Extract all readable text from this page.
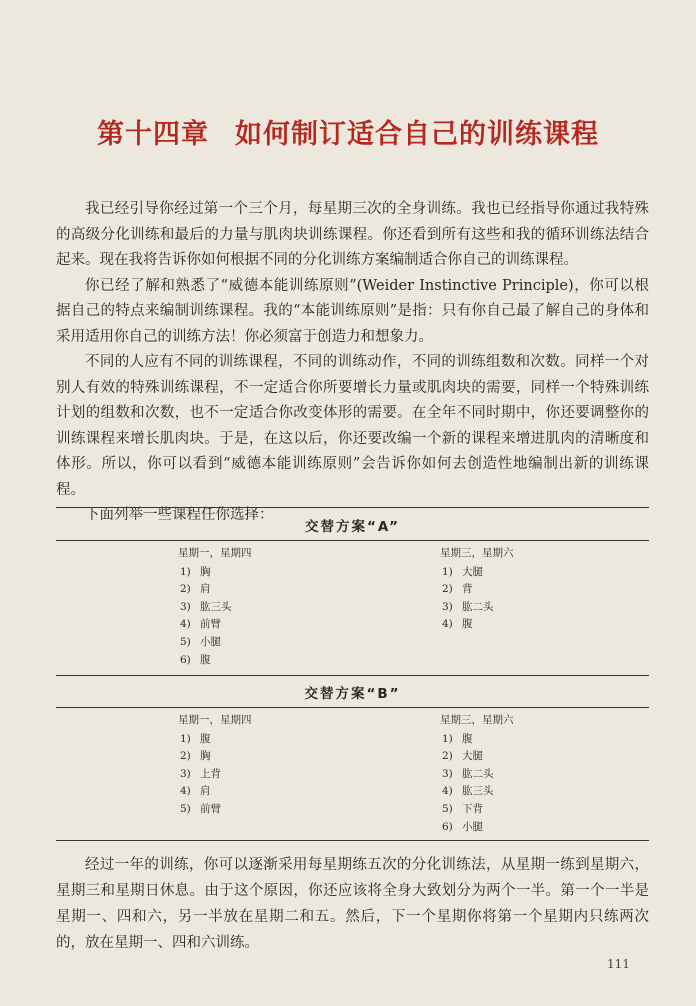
第十四章 如何制订适合自己的训练课程

我已经引导你经过第一个三个月，每星期三次的全身训练。我也已经指导你通过我特殊的高级分化训练和最后的力量与肌肉块训练课程。你还看到所有这些和我的循环训练法结合起来。现在我将告诉你如何根据不同的分化训练方案编制适合你自己的训练课程。

你已经了解和熟悉了“威德本能训练原则”(Weider Instinctive Principle)，你可以根据自己的特点来编制训练课程。我的“本能训练原则”是指：只有你自己最了解自己的身体和采用适用你自己的训练方法！你必须富于创造力和想象力。

不同的人应有不同的训练课程，不同的训练动作，不同的训练组数和次数。同样一个对别人有效的特殊训练课程，不一定适合你所要增长力量或肌肉块的需要，同样一个特殊训练计划的组数和次数，也不一定适合你改变体形的需要。在全年不同时期中，你还要调整你的训练课程来增长肌肉块。于是，在这以后，你还要改编一个新的课程来增进肌肉的清晰度和体形。所以，你可以看到“威德本能训练原则”会告诉你如何去创造性地编制出新的训练课程。

下面列举一些课程任你选择：

交替方案“A”
星期一，星期四
1) 胸
2) 肩
3) 肱三头
4) 前臂
5) 小腿
6) 腹
星期三，星期六
1) 大腿
2) 背
3) 肱二头
4) 腹
交替方案“B”
星期一，星期四
1) 腹
2) 胸
3) 上背
4) 肩
5) 前臂
星期三，星期六
1) 腹
2) 大腿
3) 肱二头
4) 肱三头
5) 下背
6) 小腿

经过一年的训练，你可以逐渐采用每星期练五次的分化训练法，从星期一练到星期六，星期三和星期日休息。由于这个原因，你还应该将全身大致划分为两个一半。第一个一半是星期一、四和六，另一半放在星期二和五。然后，下一个星期你将第一个星期内只练两次的，放在星期一、四和六训练。

111
